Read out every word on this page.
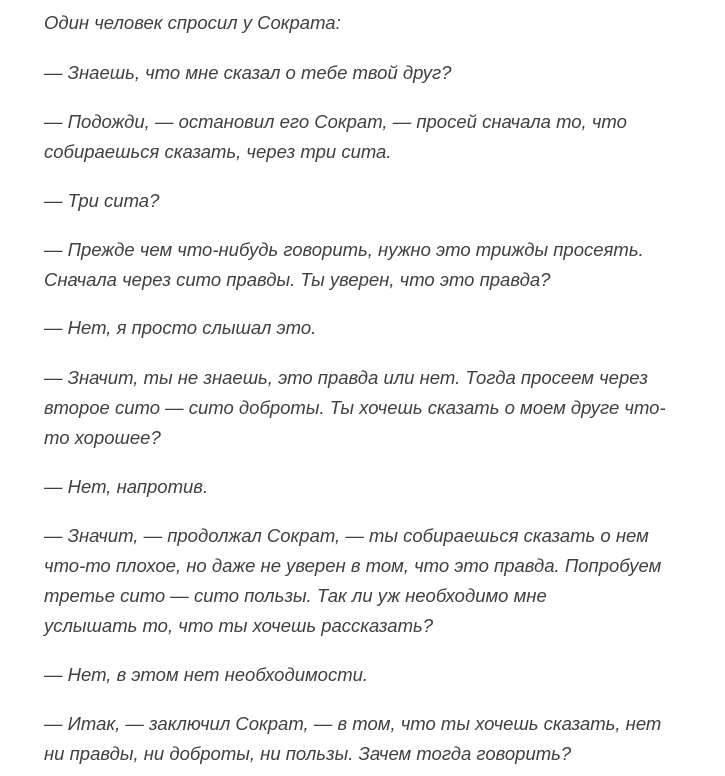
Один человек спросил у Сократа:

— Знаешь, что мне сказал о тебе твой друг?

— Подожди, — остановил его Сократ, — просей сначала то, что
собираешься сказать, через три сита.

— Три сита?

— Прежде чем что-нибудь говорить, нужно это трижды просеять.
Сначала через сито правды. Ты уверен, что это правда?

— Нет, я просто слышал это.

— Значит, ты не знаешь, это правда или нет. Тогда просеем через
второе сито — сито доброты. Ты хочешь сказать о моем друге что-
то хорошее?

— Нет, напротив.

— Значит, — продолжал Сократ, — ты собираешься сказать о нем
что-то плохое, но даже не уверен в том, что это правда. Попробуем
третье сито — сито пользы. Так ли уж необходимо мне
услышать то, что ты хочешь рассказать?

— Нет, в этом нет необходимости.

— Итак, — заключил Сократ, — в том, что ты хочешь сказать, нет
ни правды, ни доброты, ни пользы. Зачем тогда говорить?
